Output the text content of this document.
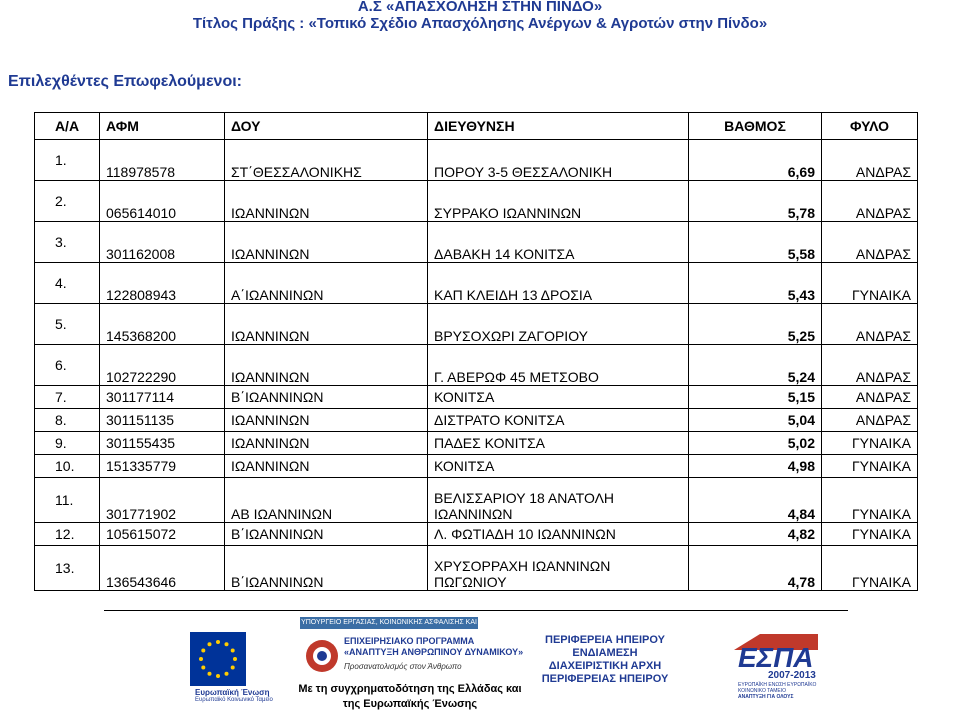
Α.Σ «ΑΠΑΣΧΟΛΗΣΗ ΣΤΗΝ ΠΙΝΔΟ»
Τίτλος Πράξης : «Τοπικό Σχέδιο Απασχόλησης Ανέργων & Αγροτών στην Πίνδο»
Επιλεχθέντες Επωφελούμενοι:
Α/Α	ΑΦΜ	ΔΟΥ	ΔΙΕΥΘΥΝΣΗ	ΒΑΘΜΟΣ	ΦΥΛΟ
1.	118978578	ΣΤ΄ΘΕΣΣΑΛΟΝΙΚΗΣ	ΠΟΡΟΥ 3-5 ΘΕΣΣΑΛΟΝΙΚΗ	6,69	ΑΝΔΡΑΣ
2.	065614010	ΙΩΑΝΝΙΝΩΝ	ΣΥΡΡΑΚΟ ΙΩΑΝΝΙΝΩΝ	5,78	ΑΝΔΡΑΣ
3.	301162008	ΙΩΑΝΝΙΝΩΝ	ΔΑΒΑΚΗ 14 ΚΟΝΙΤΣΑ	5,58	ΑΝΔΡΑΣ
4.	122808943	Α΄ΙΩΑΝΝΙΝΩΝ	ΚΑΠ ΚΛΕΙΔΗ 13 ΔΡΟΣΙΑ	5,43	ΓΥΝΑΙΚΑ
5.	145368200	ΙΩΑΝΝΙΝΩΝ	ΒΡΥΣΟΧΩΡΙ ΖΑΓΟΡΙΟΥ	5,25	ΑΝΔΡΑΣ
6.	102722290	ΙΩΑΝΝΙΝΩΝ	Γ. ΑΒΕΡΩΦ 45 ΜΕΤΣΟΒΟ	5,24	ΑΝΔΡΑΣ
7.	301177114	Β΄ΙΩΑΝΝΙΝΩΝ	ΚΟΝΙΤΣΑ	5,15	ΑΝΔΡΑΣ
8.	301151135	ΙΩΑΝΝΙΝΩΝ	ΔΙΣΤΡΑΤΟ ΚΟΝΙΤΣΑ	5,04	ΑΝΔΡΑΣ
9.	301155435	ΙΩΑΝΝΙΝΩΝ	ΠΑΔΕΣ ΚΟΝΙΤΣΑ	5,02	ΓΥΝΑΙΚΑ
10.	151335779	ΙΩΑΝΝΙΝΩΝ	ΚΟΝΙΤΣΑ	4,98	ΓΥΝΑΙΚΑ
11.	301771902	ΑΒ ΙΩΑΝΝΙΝΩΝ	ΒΕΛΙΣΣΑΡΙΟΥ 18 ΑΝΑΤΟΛΗ ΙΩΑΝΝΙΝΩΝ	4,84	ΓΥΝΑΙΚΑ
12.	105615072	Β΄ΙΩΑΝΝΙΝΩΝ	Λ. ΦΩΤΙΑΔΗ 10 ΙΩΑΝΝΙΝΩΝ	4,82	ΓΥΝΑΙΚΑ
13.	136543646	Β΄ΙΩΑΝΝΙΝΩΝ	ΧΡΥΣΟΡΡΑΧΗ ΙΩΑΝΝΙΝΩΝ ΠΩΓΩΝΙΟΥ	4,78	ΓΥΝΑΙΚΑ
ΥΠΟΥΡΓΕΙΟ ΕΡΓΑΣΙΑΣ, ΚΟΙΝΩΝΙΚΗΣ ΑΣΦΑΛΙΣΗΣ ΚΑΙ ΠΡΟΝΟΙΑΣ
Ευρωπαϊκή Ένωση
Ευρωπαϊκό Κοινωνικό Ταμείο
ΕΠΙΧΕΙΡΗΣΙΑΚΟ ΠΡΟΓΡΑΜΜΑ
«ΑΝΑΠΤΥΞΗ ΑΝΘΡΩΠΙΝΟΥ ΔΥΝΑΜΙΚΟΥ»
Προσανατολισμός στον Άνθρωπο
Με τη συγχρηματοδότηση της Ελλάδας και
της Ευρωπαϊκής Ένωσης
ΠΕΡΙΦΕΡΕΙΑ ΗΠΕΙΡΟΥ
ΕΝΔΙΑΜΕΣΗ
ΔΙΑΧΕΙΡΙΣΤΙΚΗ ΑΡΧΗ
ΠΕΡΙΦΕΡΕΙΑΣ ΗΠΕΙΡΟΥ
ΕΣΠΑ
2007-2013
ΕΥΡΩΠΑΪΚΗ ΕΝΩΣΗ ΕΥΡΩΠΑΪΚΟ ΚΟΙΝΩΝΙΚΟ ΤΑΜΕΙΟ
ΑΝΑΠΤΥΞΗ ΓΙΑ ΟΛΟΥΣ
